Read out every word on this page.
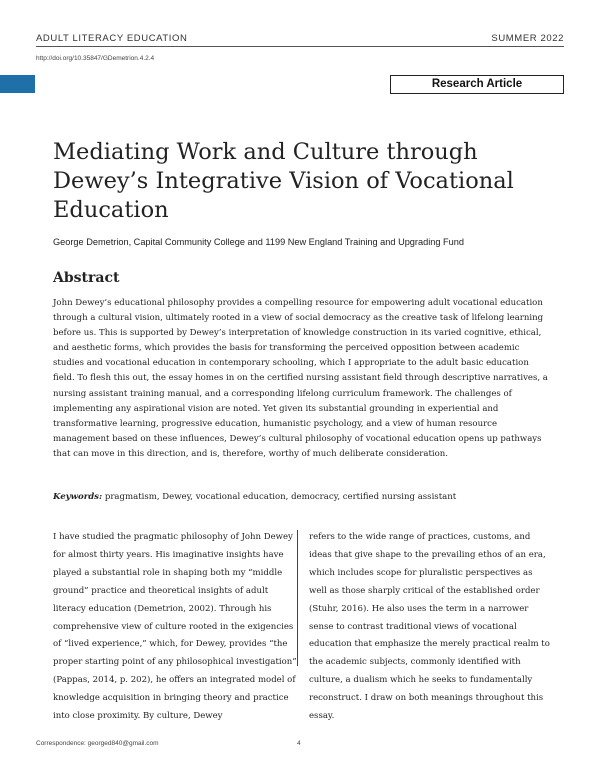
ADULT LITERACY EDUCATION	SUMMER 2022
http://doi.org/10.35847/GDemetrion.4.2.4
Research Article
Mediating Work and Culture through Dewey’s Integrative Vision of Vocational Education
George Demetrion, Capital Community College and 1199 New England Training and Upgrading Fund
Abstract

John Dewey’s educational philosophy provides a compelling resource for empowering adult vocational education through a cultural vision, ultimately rooted in a view of social democracy as the creative task of lifelong learning before us. This is supported by Dewey’s interpretation of knowledge construction in its varied cognitive, ethical, and aesthetic forms, which provides the basis for transforming the perceived opposition between academic studies and vocational education in contemporary schooling, which I appropriate to the adult basic education field. To flesh this out, the essay homes in on the certified nursing assistant field through descriptive narratives, a nursing assistant training manual, and a corresponding lifelong curriculum framework. The challenges of implementing any aspirational vision are noted. Yet given its substantial grounding in experiential and transformative learning, progressive education, humanistic psychology, and a view of human resource management based on these influences, Dewey’s cultural philosophy of vocational education opens up pathways that can move in this direction, and is, therefore, worthy of much deliberate consideration.

Keywords: pragmatism, Dewey, vocational education, democracy, certified nursing assistant

I have studied the pragmatic philosophy of John Dewey for almost thirty years. His imaginative insights have played a substantial role in shaping both my “middle ground” practice and theoretical insights of adult literacy education (Demetrion, 2002). Through his comprehensive view of culture rooted in the exigencies of “lived experience,” which, for Dewey, provides “the proper starting point of any philosophical investigation” (Pappas, 2014, p. 202), he offers an integrated model of knowledge acquisition in bringing theory and practice into close proximity. By culture, Dewey

refers to the wide range of practices, customs, and ideas that give shape to the prevailing ethos of an era, which includes scope for pluralistic perspectives as well as those sharply critical of the established order (Stuhr, 2016). He also uses the term in a narrower sense to contrast traditional views of vocational education that emphasize the merely practical realm to the academic subjects, commonly identified with culture, a dualism which he seeks to fundamentally reconstruct. I draw on both meanings throughout this essay.

Correspondence: georged840@gmail.com	4
